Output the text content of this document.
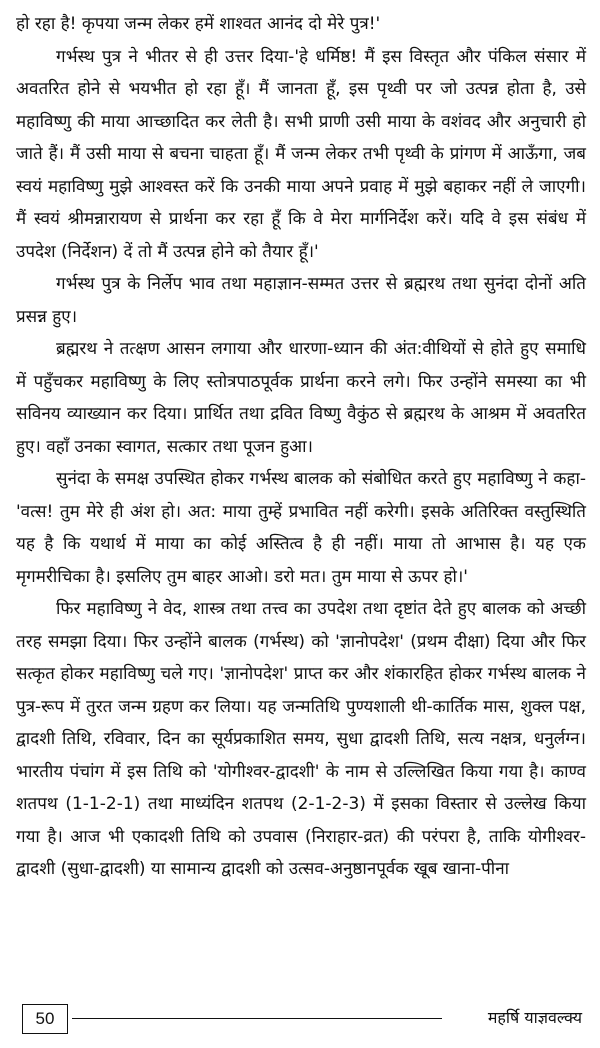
हो रहा है! कृपया जन्म लेकर हमें शाश्वत आनंद दो मेरे पुत्र!'

गर्भस्थ पुत्र ने भीतर से ही उत्तर दिया-'हे धर्मिष्ठ! मैं इस विस्तृत और पंकिल संसार में अवतरित होने से भयभीत हो रहा हूँ। मैं जानता हूँ, इस पृथ्वी पर जो उत्पन्न होता है, उसे महाविष्णु की माया आच्छादित कर लेती है। सभी प्राणी उसी माया के वशंवद और अनुचारी हो जाते हैं। मैं उसी माया से बचना चाहता हूँ। मैं जन्म लेकर तभी पृथ्वी के प्रांगण में आऊँगा, जब स्वयं महाविष्णु मुझे आश्वस्त करें कि उनकी माया अपने प्रवाह में मुझे बहाकर नहीं ले जाएगी। मैं स्वयं श्रीमन्नारायण से प्रार्थना कर रहा हूँ कि वे मेरा मार्गनिर्देश करें। यदि वे इस संबंध में उपदेश (निर्देशन) दें तो मैं उत्पन्न होने को तैयार हूँ।'

गर्भस्थ पुत्र के निर्लेप भाव तथा महाज्ञान-सम्मत उत्तर से ब्रह्मरथ तथा सुनंदा दोनों अति प्रसन्न हुए।

ब्रह्मरथ ने तत्क्षण आसन लगाया और धारणा-ध्यान की अंत:वीथियों से होते हुए समाधि में पहुँचकर महाविष्णु के लिए स्तोत्रपाठपूर्वक प्रार्थना करने लगे। फिर उन्होंने समस्या का भी सविनय व्याख्यान कर दिया। प्रार्थित तथा द्रवित विष्णु वैकुंठ से ब्रह्मरथ के आश्रम में अवतरित हुए। वहाँ उनका स्वागत, सत्कार तथा पूजन हुआ।

सुनंदा के समक्ष उपस्थित होकर गर्भस्थ बालक को संबोधित करते हुए महाविष्णु ने कहा-'वत्स! तुम मेरे ही अंश हो। अत: माया तुम्हें प्रभावित नहीं करेगी। इसके अतिरिक्त वस्तुस्थिति यह है कि यथार्थ में माया का कोई अस्तित्व है ही नहीं। माया तो आभास है। यह एक मृगमरीचिका है। इसलिए तुम बाहर आओ। डरो मत। तुम माया से ऊपर हो।'

फिर महाविष्णु ने वेद, शास्त्र तथा तत्त्व का उपदेश तथा दृष्टांत देते हुए बालक को अच्छी तरह समझा दिया। फिर उन्होंने बालक (गर्भस्थ) को 'ज्ञानोपदेश' (प्रथम दीक्षा) दिया और फिर सत्कृत होकर महाविष्णु चले गए। 'ज्ञानोपदेश' प्राप्त कर और शंकारहित होकर गर्भस्थ बालक ने पुत्र-रूप में तुरत जन्म ग्रहण कर लिया। यह जन्मतिथि पुण्यशाली थी-कार्तिक मास, शुक्ल पक्ष, द्वादशी तिथि, रविवार, दिन का सूर्यप्रकाशित समय, सुधा द्वादशी तिथि, सत्य नक्षत्र, धनुर्लग्न। भारतीय पंचांग में इस तिथि को 'योगीश्वर-द्वादशी' के नाम से उल्लिखित किया गया है। काण्व शतपथ (1-1-2-1) तथा माध्यंदिन शतपथ (2-1-2-3) में इसका विस्तार से उल्लेख किया गया है। आज भी एकादशी तिथि को उपवास (निराहार-व्रत) की परंपरा है, ताकि योगीश्वर-द्वादशी (सुधा-द्वादशी) या सामान्य द्वादशी को उत्सव-अनुष्ठानपूर्वक खूब खाना-पीना

50	महर्षि याज्ञवल्क्य
